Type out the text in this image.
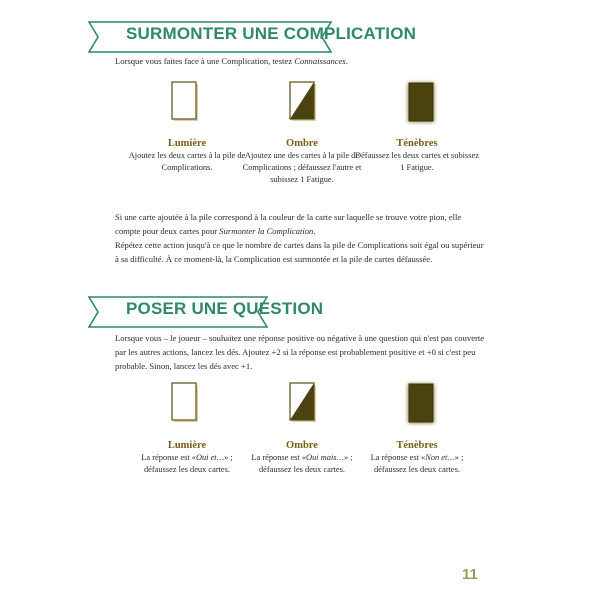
SURMONTER UNE COMPLICATION
Lorsque vous faites face à une Complication, testez Connaissances.
Lumière
Ajoutez les deux cartes à la pile de Complications.
Ombre
Ajoutez une des cartes à la pile de Complications ; défaussez l'autre et subissez 1 Fatigue.
Ténèbres
Défaussez les deux cartes et subissez 1 Fatigue.
Si une carte ajoutée à la pile correspond à la couleur de la carte sur laquelle se trouve votre pion, elle compte pour deux cartes pour Surmonter la Complication.
Répétez cette action jusqu'à ce que le nombre de cartes dans la pile de Complications soit égal ou supérieur à sa difficulté. À ce moment-là, la Complication est surmontée et la pile de cartes défaussée.
POSER UNE QUESTION
Lorsque vous – le joueur – souhaitez une réponse positive ou négative à une question qui n'est pas couverte par les autres actions, lancez les dés. Ajoutez +2 si la réponse est probablement positive et +0 si c'est peu probable. Sinon, lancez les dés avec +1.
Lumière
La réponse est «Oui et…» ; défaussez les deux cartes.
Ombre
La réponse est «Oui mais…» ; défaussez les deux cartes.
Ténèbres
La réponse est «Non et…» ; défaussez les deux cartes.
11
